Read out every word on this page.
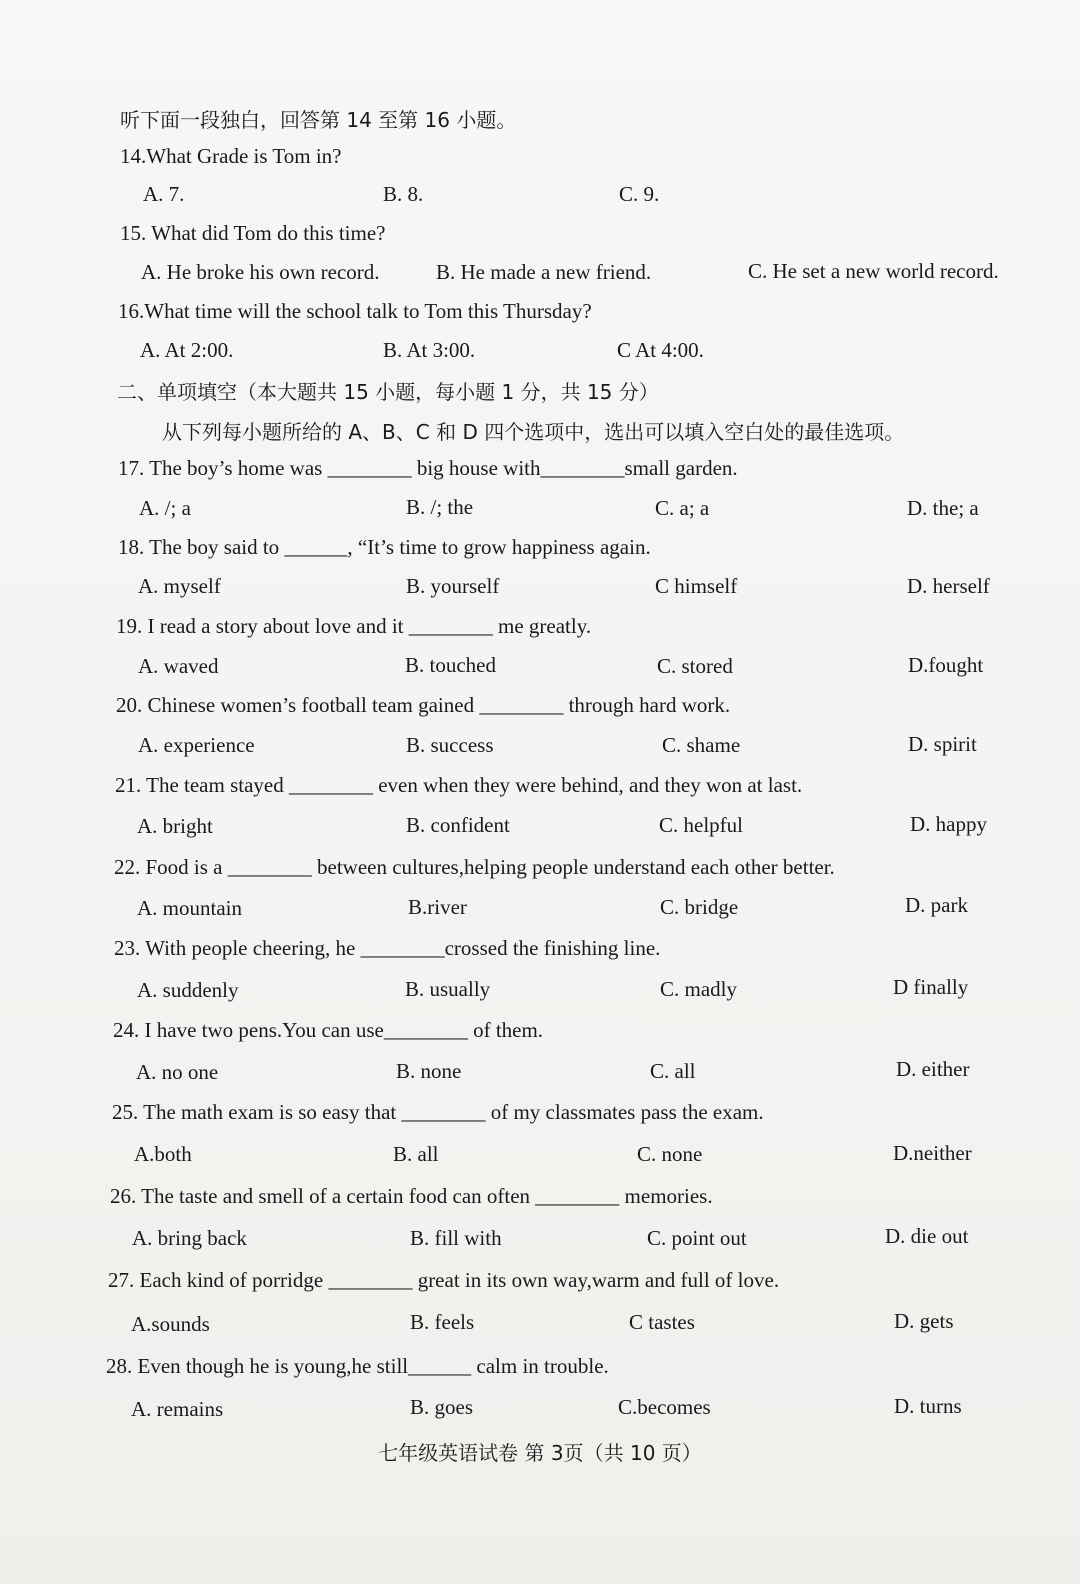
听下面一段独白，回答第 14 至第 16 小题。
14.What Grade is Tom in?
A. 7.	B. 8.	C. 9.
15. What did Tom do this time?
A. He broke his own record.	B. He made a new friend.	C. He set a new world record.
16.What time will the school talk to Tom this Thursday?
A. At 2:00.	B. At 3:00.	C At 4:00.
二、单项填空（本大题共 15 小题，每小题 1 分，共 15 分）
从下列每小题所给的 A、B、C 和 D 四个选项中，选出可以填入空白处的最佳选项。
17. The boy’s home was ________ big house with________small garden.
A. /; a	B. /; the	C. a; a	D. the; a
18. The boy said to ______, “It’s time to grow happiness again.
A. myself	B. yourself	C himself	D. herself
19. I read a story about love and it ________ me greatly.
A. waved	B. touched	C. stored	D.fought
20. Chinese women’s football team gained ________ through hard work.
A. experience	B. success	C. shame	D. spirit
21. The team stayed ________ even when they were behind, and they won at last.
A. bright	B. confident	C. helpful	D. happy
22. Food is a ________ between cultures,helping people understand each other better.
A. mountain	B.river	C. bridge	D. park
23. With people cheering, he ________crossed the finishing line.
A. suddenly	B. usually	C. madly	D finally
24. I have two pens.You can use________ of them.
A. no one	B. none	C. all	D. either
25. The math exam is so easy that ________ of my classmates pass the exam.
A.both	B. all	C. none	D.neither
26. The taste and smell of a certain food can often ________ memories.
A. bring back	B. fill with	C. point out	D. die out
27. Each kind of porridge ________ great in its own way,warm and full of love.
A.sounds	B. feels	C tastes	D. gets
28. Even though he is young,he still______ calm in trouble.
A. remains	B. goes	C.becomes	D. turns
七年级英语试卷 第 3页（共 10 页）
